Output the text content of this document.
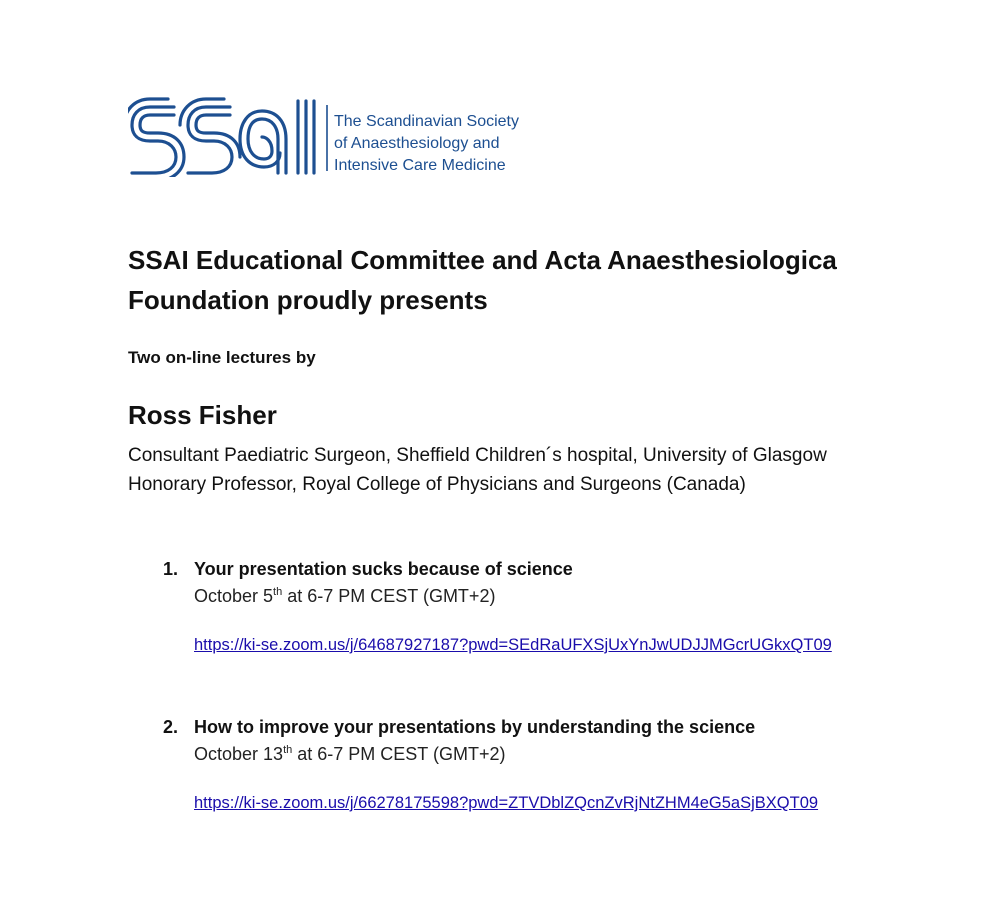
The Scandinavian Society
of Anaesthesiology and
Intensive Care Medicine
SSAI Educational Committee and Acta Anaesthesiologica Foundation proudly presents

Two on-line lectures by

Ross Fisher
Consultant Paediatric Surgeon, Sheffield Children´s hospital, University of Glasgow
Honorary Professor, Royal College of Physicians and Surgeons (Canada)
1. Your presentation sucks because of science
October 5th at 6-7 PM CEST (GMT+2)
https://ki-se.zoom.us/j/64687927187?pwd=SEdRaUFXSjUxYnJwUDJJMGcrUGkxQT09
2. How to improve your presentations by understanding the science
October 13th at 6-7 PM CEST (GMT+2)
https://ki-se.zoom.us/j/66278175598?pwd=ZTVDblZQcnZvRjNtZHM4eG5aSjBXQT09
